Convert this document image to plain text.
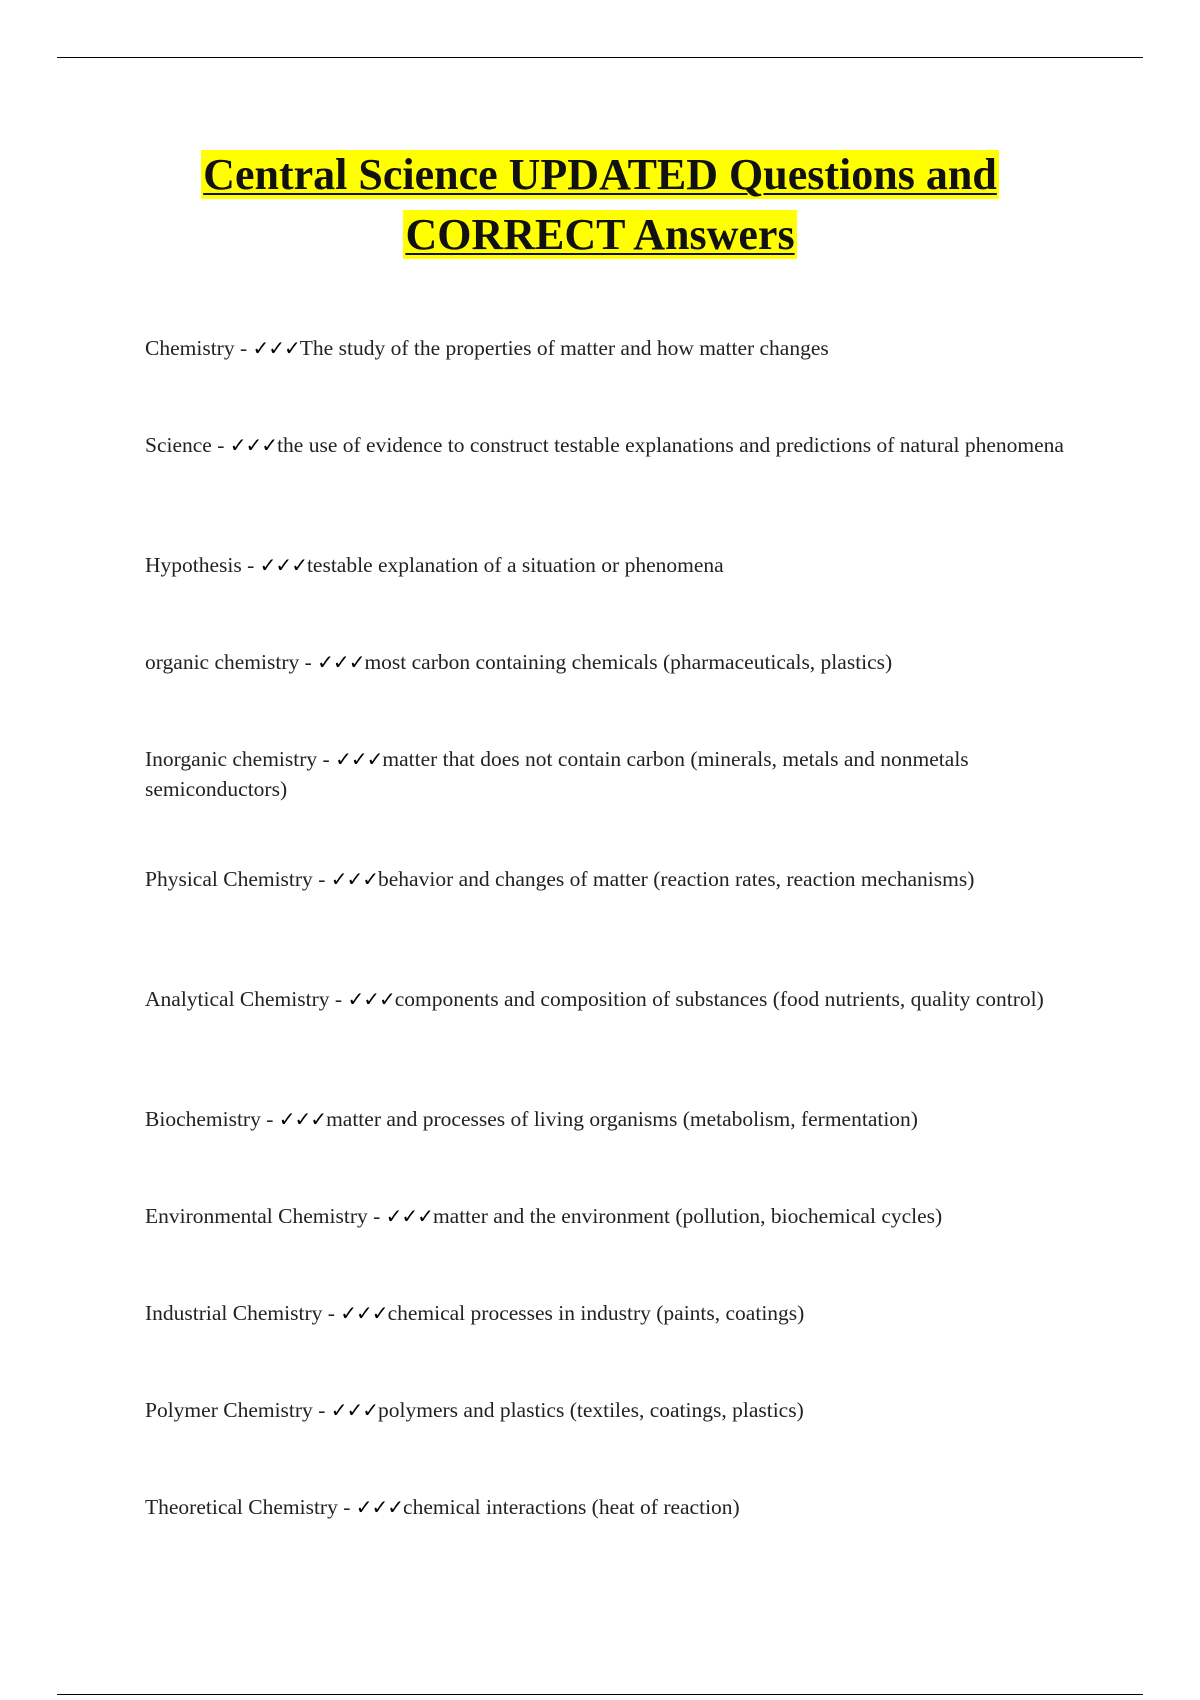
Central Science UPDATED Questions and
CORRECT Answers
Chemistry - ✓✓✓The study of the properties of matter and how matter changes
Science - ✓✓✓the use of evidence to construct testable explanations and predictions of natural phenomena
Hypothesis - ✓✓✓testable explanation of a situation or phenomena
organic chemistry - ✓✓✓most carbon containing chemicals (pharmaceuticals, plastics)
Inorganic chemistry - ✓✓✓matter that does not contain carbon (minerals, metals and nonmetals semiconductors)
Physical Chemistry - ✓✓✓behavior and changes of matter (reaction rates, reaction mechanisms)
Analytical Chemistry - ✓✓✓components and composition of substances (food nutrients, quality control)
Biochemistry - ✓✓✓matter and processes of living organisms (metabolism, fermentation)
Environmental Chemistry - ✓✓✓matter and the environment (pollution, biochemical cycles)
Industrial Chemistry - ✓✓✓chemical processes in industry (paints, coatings)
Polymer Chemistry - ✓✓✓polymers and plastics (textiles, coatings, plastics)
Theoretical Chemistry - ✓✓✓chemical interactions (heat of reaction)
